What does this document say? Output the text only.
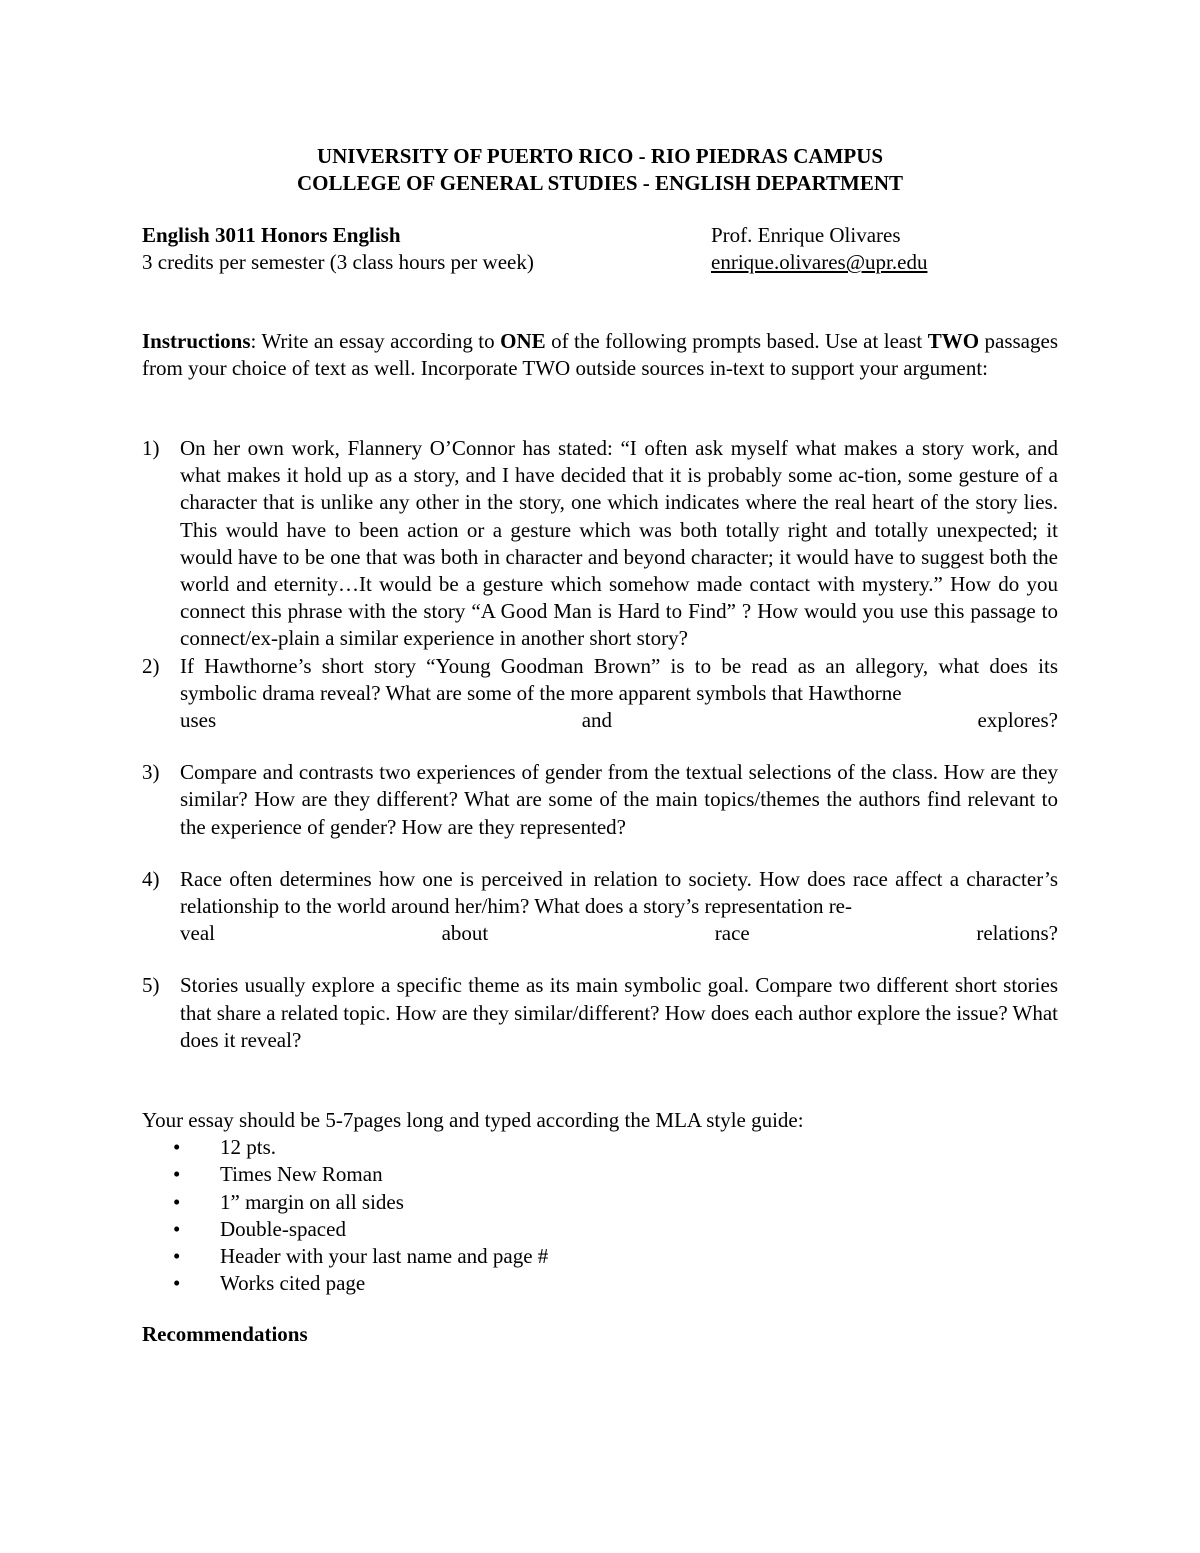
UNIVERSITY OF PUERTO RICO - RIO PIEDRAS CAMPUS
COLLEGE OF GENERAL STUDIES - ENGLISH DEPARTMENT
English 3011 Honors English	Prof. Enrique Olivares
3 credits per semester (3 class hours per week)	enrique.olivares@upr.edu
Instructions: Write an essay according to ONE of the following prompts based. Use at least TWO passages from your choice of text as well. Incorporate TWO outside sources in-text to support your argument:
1) On her own work, Flannery O’Connor has stated: “I often ask myself what makes a story work, and what makes it hold up as a story, and I have decided that it is probably some ac-tion, some gesture of a character that is unlike any other in the story, one which indicates where the real heart of the story lies. This would have to been action or a gesture which was both totally right and totally unexpected; it would have to be one that was both in character and beyond character; it would have to suggest both the world and eternity…It would be a gesture which somehow made contact with mystery.” How do you connect this phrase with the story “A Good Man is Hard to Find” ? How would you use this passage to connect/ex-plain a similar experience in another short story?
2) If Hawthorne’s short story “Young Goodman Brown” is to be read as an allegory, what does its symbolic drama reveal? What are some of the more apparent symbols that Hawthorne
uses	and	explores?
3) Compare and contrasts two experiences of gender from the textual selections of the class. How are they similar? How are they different? What are some of the main topics/themes the authors find relevant to the experience of gender? How are they represented?
4) Race often determines how one is perceived in relation to society. How does race affect a character’s relationship to the world around her/him? What does a story’s representation re-
veal	about	race	relations?
5) Stories usually explore a specific theme as its main symbolic goal. Compare two different short stories that share a related topic. How are they similar/different? How does each author explore the issue? What does it reveal?
Your essay should be 5-7pages long and typed according the MLA style guide:
• 12 pts.
• Times New Roman
• 1” margin on all sides
• Double-spaced
• Header with your last name and page #
• Works cited page
Recommendations
